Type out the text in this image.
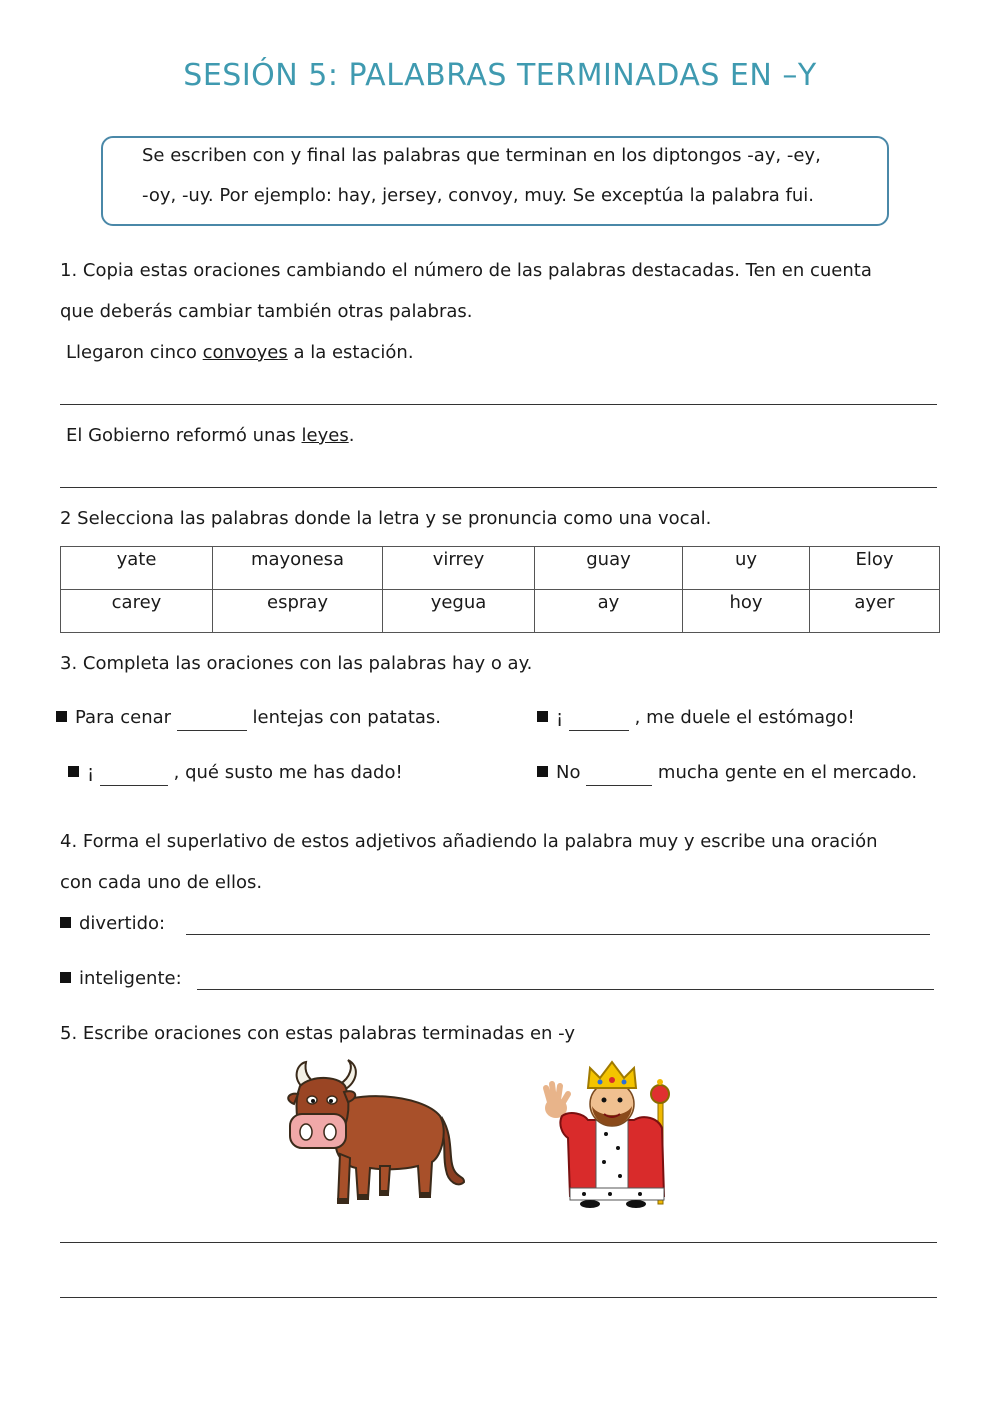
SESIÓN 5: PALABRAS TERMINADAS EN –Y
Se escriben con y final las palabras que terminan en los diptongos -ay, -ey,
-oy, -uy. Por ejemplo: hay, jersey, convoy, muy. Se exceptúa la palabra fui.
1. Copia estas oraciones cambiando el número de las palabras destacadas. Ten en cuenta
que deberás cambiar también otras palabras.
Llegaron cinco convoyes a la estación.
El Gobierno reformó unas leyes.
2 Selecciona las palabras donde la letra y se pronuncia como una vocal.
yate	mayonesa	virrey	guay	uy	Eloy
carey	espray	yegua	ay	hoy	ayer
3. Completa las oraciones con las palabras hay o ay.
Para cenar	lentejas con patatas.	¡	, me duele el estómago!
¡	, qué susto me has dado!	No	mucha gente en el mercado.
4. Forma el superlativo de estos adjetivos añadiendo la palabra muy y escribe una oración
con cada uno de ellos.
divertido:
inteligente:
5. Escribe oraciones con estas palabras terminadas en -y
